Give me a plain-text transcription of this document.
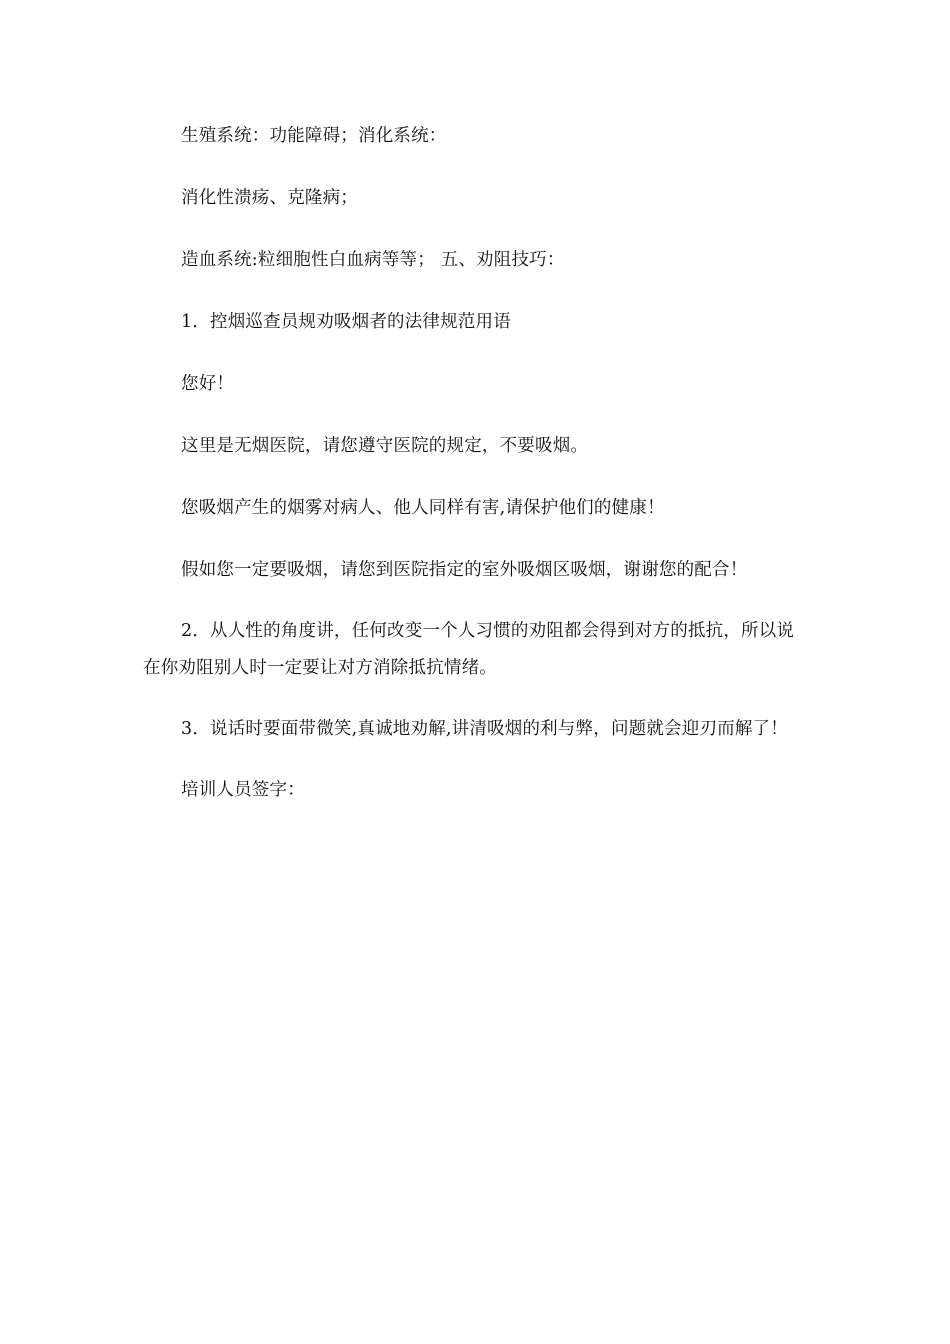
生殖系统：功能障碍；消化系统：

消化性溃疡、克隆病；

造血系统:粒细胞性白血病等等； 五、劝阻技巧：

1．控烟巡查员规劝吸烟者的法律规范用语

您好！

这里是无烟医院，请您遵守医院的规定，不要吸烟。

您吸烟产生的烟雾对病人、他人同样有害,请保护他们的健康！

假如您一定要吸烟，请您到医院指定的室外吸烟区吸烟，谢谢您的配合！

2．从人性的角度讲，任何改变一个人习惯的劝阻都会得到对方的抵抗，所以说在你劝阻别人时一定要让对方消除抵抗情绪。

3．说话时要面带微笑,真诚地劝解,讲清吸烟的利与弊，问题就会迎刃而解了！

培训人员签字：
